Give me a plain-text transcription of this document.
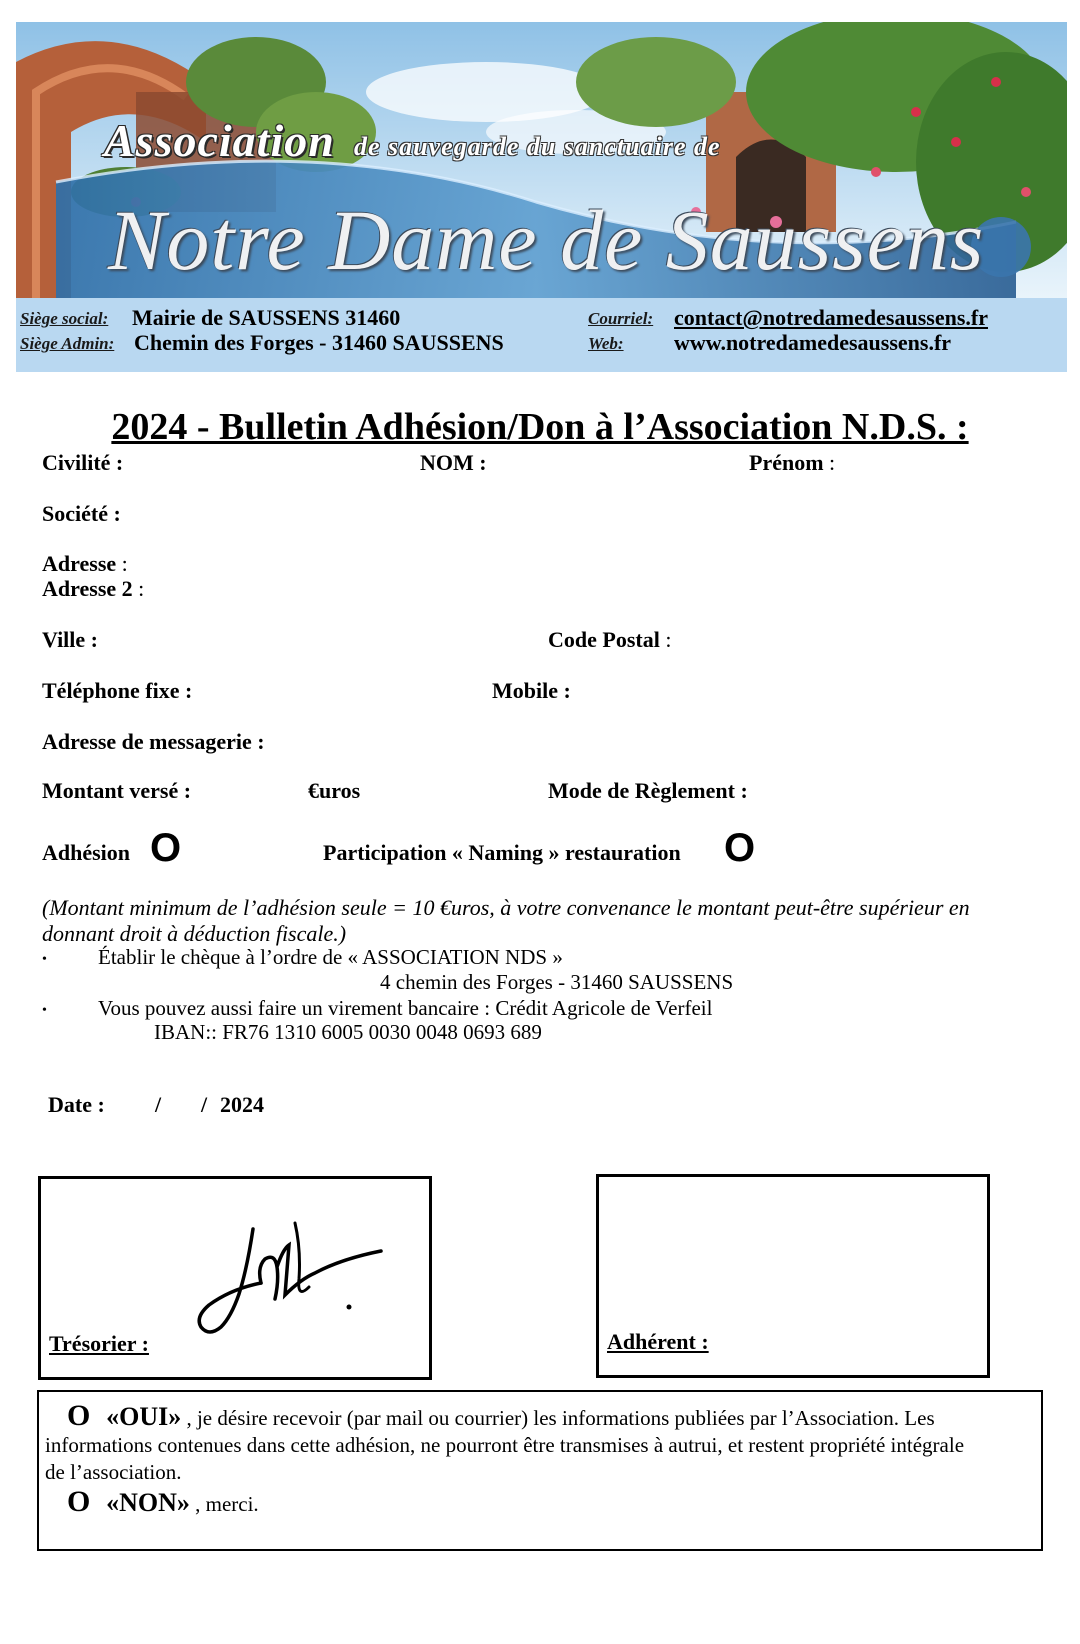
Association de sauvegarde du sanctuaire de
Notre Dame de Saussens
Siège social: Mairie de SAUSSENS 31460
Siège Admin: Chemin des Forges - 31460 SAUSSENS
Courriel: contact@notredamedesaussens.fr
Web: www.notredamedesaussens.fr
2024 - Bulletin Adhésion/Don à l’Association N.D.S. :
Civilité :	NOM :	Prénom :
Société :
Adresse :
Adresse 2 :
Ville :	Code Postal :
Téléphone fixe :	Mobile :
Adresse de messagerie :
Montant versé :	€uros	Mode de Règlement :
Adhésion O	Participation « Naming » restauration O
(Montant minimum de l’adhésion seule = 10 €uros, à votre convenance le montant peut-être supérieur en donnant droit à déduction fiscale.)
• Établir le chèque à l’ordre de « ASSOCIATION NDS »
4 chemin des Forges - 31460 SAUSSENS
• Vous pouvez aussi faire un virement bancaire : Crédit Agricole de Verfeil
IBAN:: FR76 1310 6005 0030 0048 0693 689
Date : / / 2024
Trésorier :	Adhérent :
O «OUI» , je désire recevoir (par mail ou courrier) les informations publiées par l’Association. Les informations contenues dans cette adhésion, ne pourront être transmises à autrui, et restent propriété intégrale de l’association.
O «NON» , merci.
